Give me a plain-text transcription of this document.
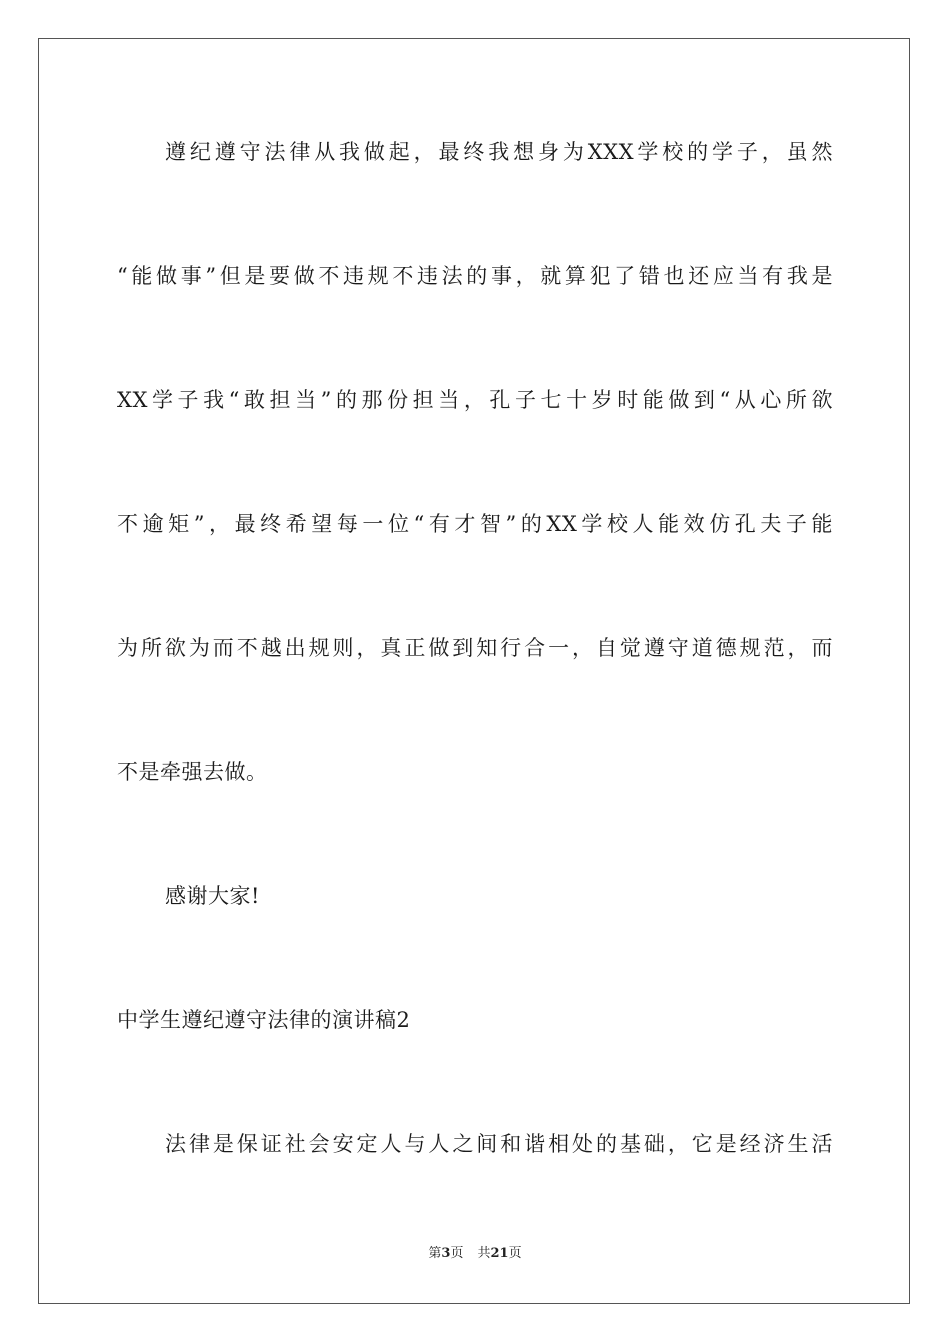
遵纪遵守法律从我做起，最终我想身为XXX学校的学子，虽然
“能做事”但是要做不违规不违法的事，就算犯了错也还应当有我是
XX学子我“敢担当”的那份担当，孔子七十岁时能做到“从心所欲
不逾矩”，最终希望每一位“有才智”的XX学校人能效仿孔夫子能
为所欲为而不越出规则，真正做到知行合一，自觉遵守道德规范，而
不是牵强去做。
感谢大家!
中学生遵纪遵守法律的演讲稿2
法律是保证社会安定人与人之间和谐相处的基础，它是经济生活
第3页 共21页
